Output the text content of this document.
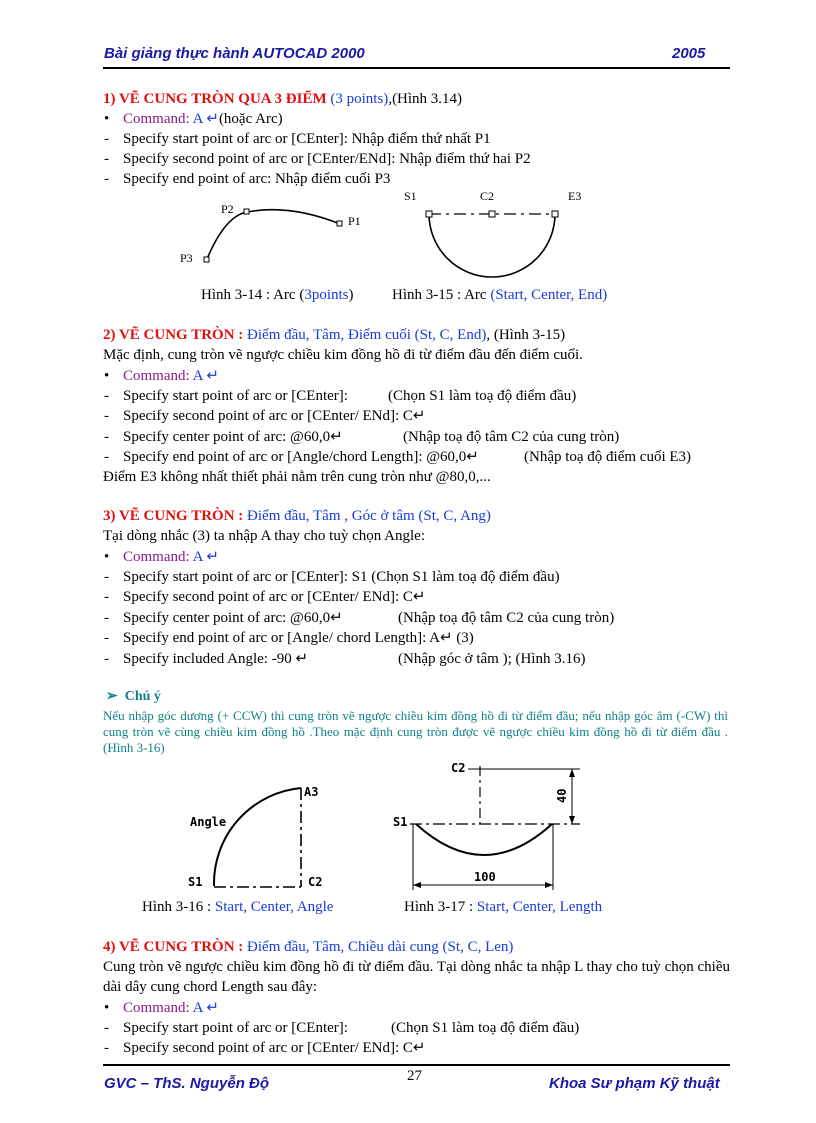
Bài giảng thực hành AUTOCAD 2000	2005
1) VẼ CUNG TRÒN QUA 3 ĐIỂM (3 points),(Hình 3.14)
• Command: A ↵(hoặc Arc)
- Specify start point of arc or [CEnter]: Nhập điểm thứ nhất P1
- Specify second point of arc or [CEnter/ENd]: Nhập điểm thứ hai P2
- Specify end point of arc: Nhập điểm cuối P3
P3
P2
P1
S1	C2	E3
Hình 3-14 : Arc (3points)	Hình 3-15 : Arc (Start, Center, End)
2) VẼ CUNG TRÒN : Điểm đầu, Tâm, Điểm cuối (St, C, End), (Hình 3-15)
Mặc định, cung tròn vẽ ngược chiều kim đồng hồ đi từ điểm đầu đến điểm cuối.
• Command: A ↵
- Specify start point of arc or [CEnter]:	(Chọn S1 làm toạ độ điểm đầu)
- Specify second point of arc or [CEnter/ ENd]: C↵
- Specify center point of arc: @60,0↵	(Nhập toạ độ tâm C2 của cung tròn)
- Specify end point of arc or [Angle/chord Length]: @60,0↵	(Nhập toạ độ điểm cuối E3)
Điểm E3 không nhất thiết phải nằm trên cung tròn như @80,0,...
3) VẼ CUNG TRÒN : Điểm đầu, Tâm , Góc ở tâm (St, C, Ang)
Tại dòng nhắc (3) ta nhập A thay cho tuỳ chọn Angle:
• Command: A ↵
- Specify start point of arc or [CEnter]: S1 (Chọn S1 làm toạ độ điểm đầu)
- Specify second point of arc or [CEnter/ ENd]: C↵
- Specify center point of arc: @60,0↵	(Nhập toạ độ tâm C2 của cung tròn)
- Specify end point of arc or [Angle/ chord Length]: A↵ (3)
- Specify included Angle: -90 ↵	(Nhập góc ở tâm ); (Hình 3.16)
➢ Chú ý
Nếu nhập góc dương (+ CCW) thì cung tròn vẽ ngược chiều kim đồng hồ đi từ điểm đầu; nếu nhập góc âm (-CW) thì cung tròn vẽ cùng chiều kim đồng hồ .Theo mặc định cung tròn được vẽ ngược chiều kim đồng hồ đi từ điểm đầu . (Hình 3-16)
A3
Angle
S1	C2
40
100
C2
S1
Hình 3-16 : Start, Center, Angle	Hình 3-17 : Start, Center, Length
4) VẼ CUNG TRÒN : Điểm đầu, Tâm, Chiều dài cung (St, C, Len)
Cung tròn vẽ ngược chiều kim đồng hồ đi từ điểm đầu. Tại dòng nhắc ta nhập L thay cho tuỳ chọn chiều dài dây cung chord Length sau đây:
• Command: A ↵
- Specify start point of arc or [CEnter]:	(Chọn S1 làm toạ độ điểm đầu)
- Specify second point of arc or [CEnter/ ENd]: C↵
GVC – ThS. Nguyễn Độ	27	Khoa Sư phạm Kỹ thuật
